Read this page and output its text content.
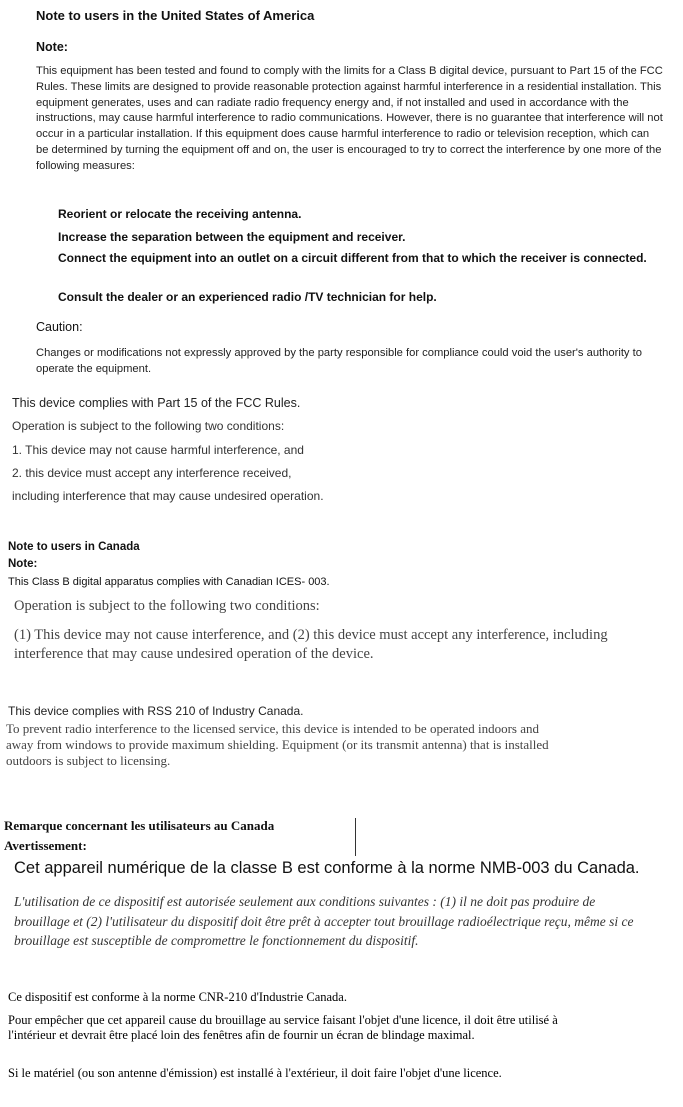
Note to users in the United States of America
Note:
This equipment has been tested and found to comply with the limits for a Class B digital device, pursuant to Part 15 of the FCC Rules. These limits are designed to provide reasonable protection against harmful interference in a residential installation. This equipment generates, uses and can radiate radio frequency energy and, if not installed and used in accordance with the instructions, may cause harmful interference to radio communications. However, there is no guarantee that interference will not occur in a particular installation. If this equipment does cause harmful interference to radio or television reception, which can be determined by turning the equipment off and on, the user is encouraged to try to correct the interference by one more of the following measures:
Reorient or relocate the receiving antenna.
Increase the separation between the equipment and receiver.
Connect the equipment into an outlet on a circuit different from that to which the receiver is connected.
Consult the dealer or an experienced radio /TV technician for help.
Caution:
Changes or modifications not expressly approved by the party responsible for compliance could void the user's authority to operate the equipment.
This device complies with Part 15 of the FCC Rules.
Operation is subject to the following two conditions:
1. This device may not cause harmful interference, and
2. this device must accept any interference received,
including interference that may cause undesired operation.
Note to users in Canada
Note:
This Class B digital apparatus complies with Canadian ICES- 003.
Operation is subject to the following two conditions:
(1) This device may not cause interference, and (2) this device must accept any interference, including interference that may cause undesired operation of the device.
This device complies with RSS 210 of Industry Canada.
To prevent radio interference to the licensed service, this device is intended to be operated indoors and away from windows to provide maximum shielding. Equipment (or its transmit antenna) that is installed outdoors is subject to licensing.
Remarque concernant les utilisateurs au Canada
Avertissement:
Cet appareil numérique de la classe B est conforme à la norme NMB-003 du Canada.
L'utilisation de ce dispositif est autorisée seulement aux conditions suivantes : (1) il ne doit pas produire de brouillage et (2) l'utilisateur du dispositif doit être prêt à accepter tout brouillage radioélectrique reçu, même si ce brouillage est susceptible de compromettre le fonctionnement du dispositif.
Ce dispositif est conforme à la norme CNR-210 d'Industrie Canada.
Pour empêcher que cet appareil cause du brouillage au service faisant l'objet d'une licence, il doit être utilisé à l'intérieur et devrait être placé loin des fenêtres afin de fournir un écran de blindage maximal.
Si le matériel (ou son antenne d'émission) est installé à l'extérieur, il doit faire l'objet d'une licence.
